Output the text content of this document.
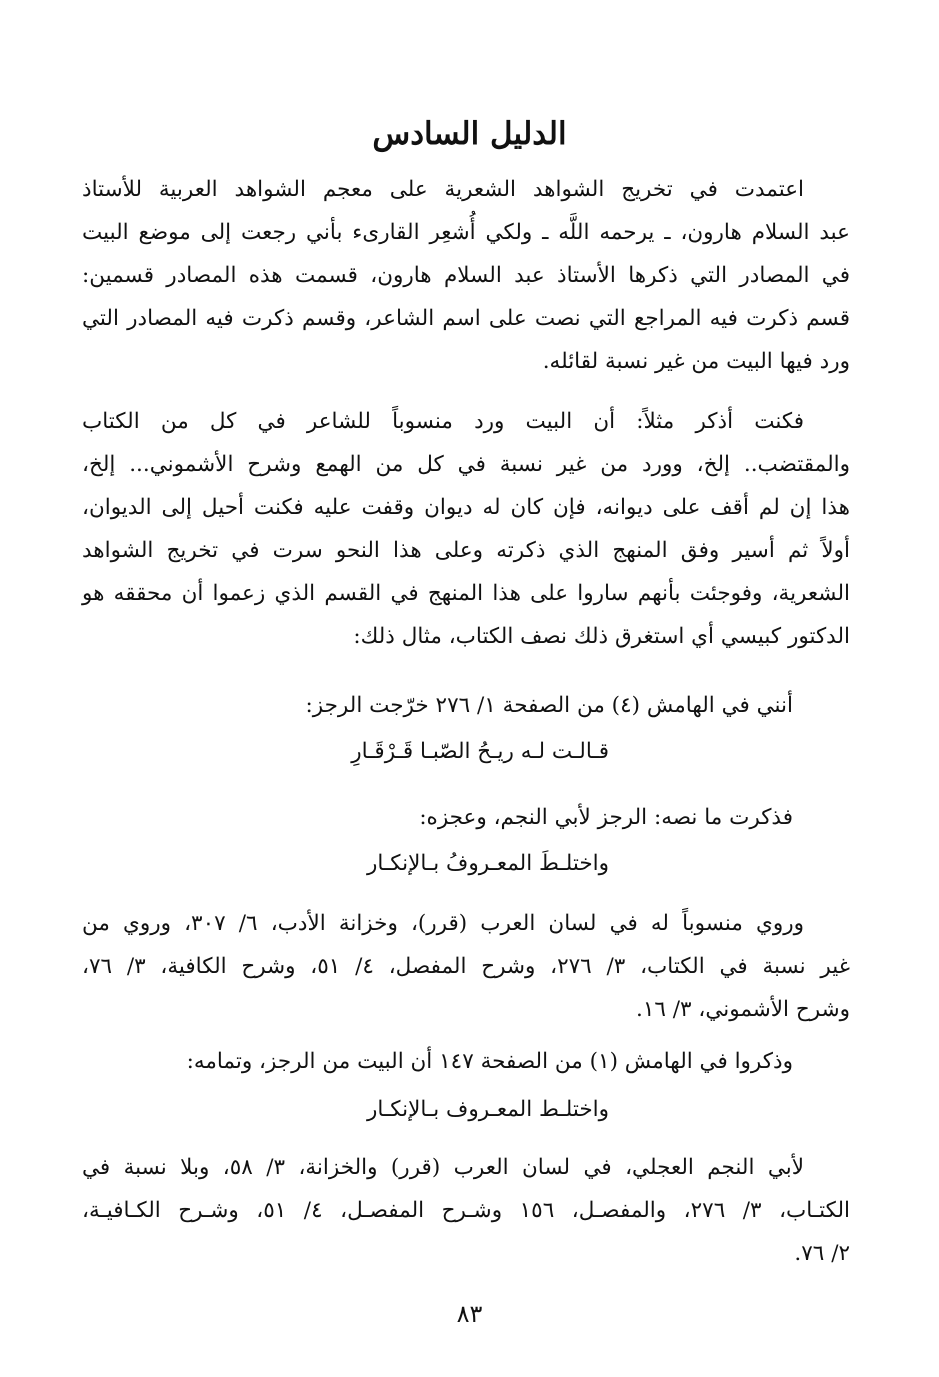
الدليل السادس
اعتمدت في تخريج الشواهد الشعرية على معجم الشواهد العربية للأستاذ
عبد السلام هارون، ـ يرحمه اللَّه ـ ولكي أُشعِر القارىء بأني رجعت إلى موضع البيت
في المصادر التي ذكرها الأستاذ عبد السلام هارون، قسمت هذه المصادر قسمين:
قسم ذكرت فيه المراجع التي نصت على اسم الشاعر، وقسم ذكرت فيه المصادر التي
ورد فيها البيت من غير نسبة لقائله.
فكنت أذكر مثلاً: أن البيت ورد منسوباً للشاعر في كل من الكتاب
والمقتضب.. إلخ، وورد من غير نسبة في كل من الهمع وشرح الأشموني... إلخ،
هذا إن لم أقف على ديوانه، فإن كان له ديوان وقفت عليه فكنت أحيل إلى الديوان،
أولاً ثم أسير وفق المنهج الذي ذكرته وعلى هذا النحو سرت في تخريج الشواهد
الشعرية، وفوجئت بأنهم ساروا على هذا المنهج في القسم الذي زعموا أن محققه هو
الدكتور كبيسي أي استغرق ذلك نصف الكتاب، مثال ذلك:
أنني في الهامش (٤) من الصفحة ١/ ٢٧٦ خرّجت الرجز:
قـالـت لـه ريـحُ الصّبـا قَـرْقَـارِ
فذكرت ما نصه: الرجز لأبي النجم، وعجزه:
واختلـطَ المعـروفُ بـالإنكـار
وروي منسوباً له في لسان العرب (قرر)، وخزانة الأدب، ٦/ ٣٠٧، وروي من
غير نسبة في الكتاب، ٣/ ٢٧٦، وشرح المفصل، ٤/ ٥١، وشرح الكافية، ٣/ ٧٦،
وشرح الأشموني، ٣/ ١٦.
وذكروا في الهامش (١) من الصفحة ١٤٧ أن البيت من الرجز، وتمامه:
واختلـط المعـروف بـالإنكـار
لأبي النجم العجلي، في لسان العرب (قرر) والخزانة، ٣/ ٥٨، وبلا نسبة في
الكتـاب، ٣/ ٢٧٦، والمفصـل، ١٥٦ وشـرح المفصـل، ٤/ ٥١، وشـرح الكـافيـة،
٢/ ٧٦.
٨٣
